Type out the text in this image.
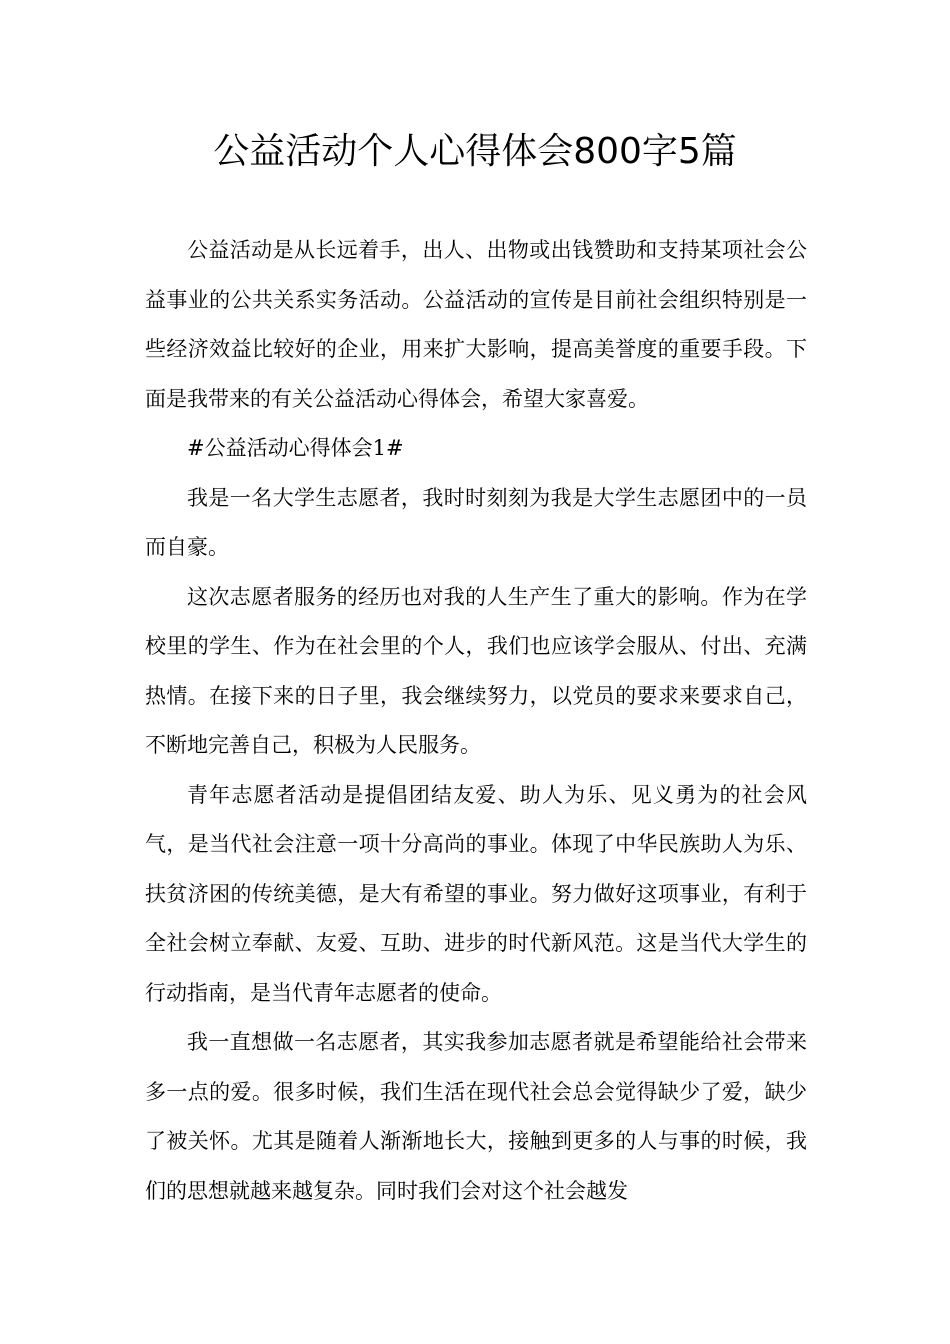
公益活动个人心得体会800字5篇

公益活动是从长远着手，出人、出物或出钱赞助和支持某项社会公益事业的公共关系实务活动。公益活动的宣传是目前社会组织特别是一些经济效益比较好的企业，用来扩大影响，提高美誉度的重要手段。下面是我带来的有关公益活动心得体会，希望大家喜爱。

#公益活动心得体会1#

我是一名大学生志愿者，我时时刻刻为我是大学生志愿团中的一员而自豪。

这次志愿者服务的经历也对我的人生产生了重大的影响。作为在学校里的学生、作为在社会里的个人，我们也应该学会服从、付出、充满热情。在接下来的日子里，我会继续努力，以党员的要求来要求自己，不断地完善自己，积极为人民服务。

青年志愿者活动是提倡团结友爱、助人为乐、见义勇为的社会风气，是当代社会注意一项十分高尚的事业。体现了中华民族助人为乐、扶贫济困的传统美德，是大有希望的事业。努力做好这项事业，有利于全社会树立奉献、友爱、互助、进步的时代新风范。这是当代大学生的行动指南，是当代青年志愿者的使命。

我一直想做一名志愿者，其实我参加志愿者就是希望能给社会带来多一点的爱。很多时候，我们生活在现代社会总会觉得缺少了爱，缺少了被关怀。尤其是随着人渐渐地长大，接触到更多的人与事的时候，我们的思想就越来越复杂。同时我们会对这个社会越发
